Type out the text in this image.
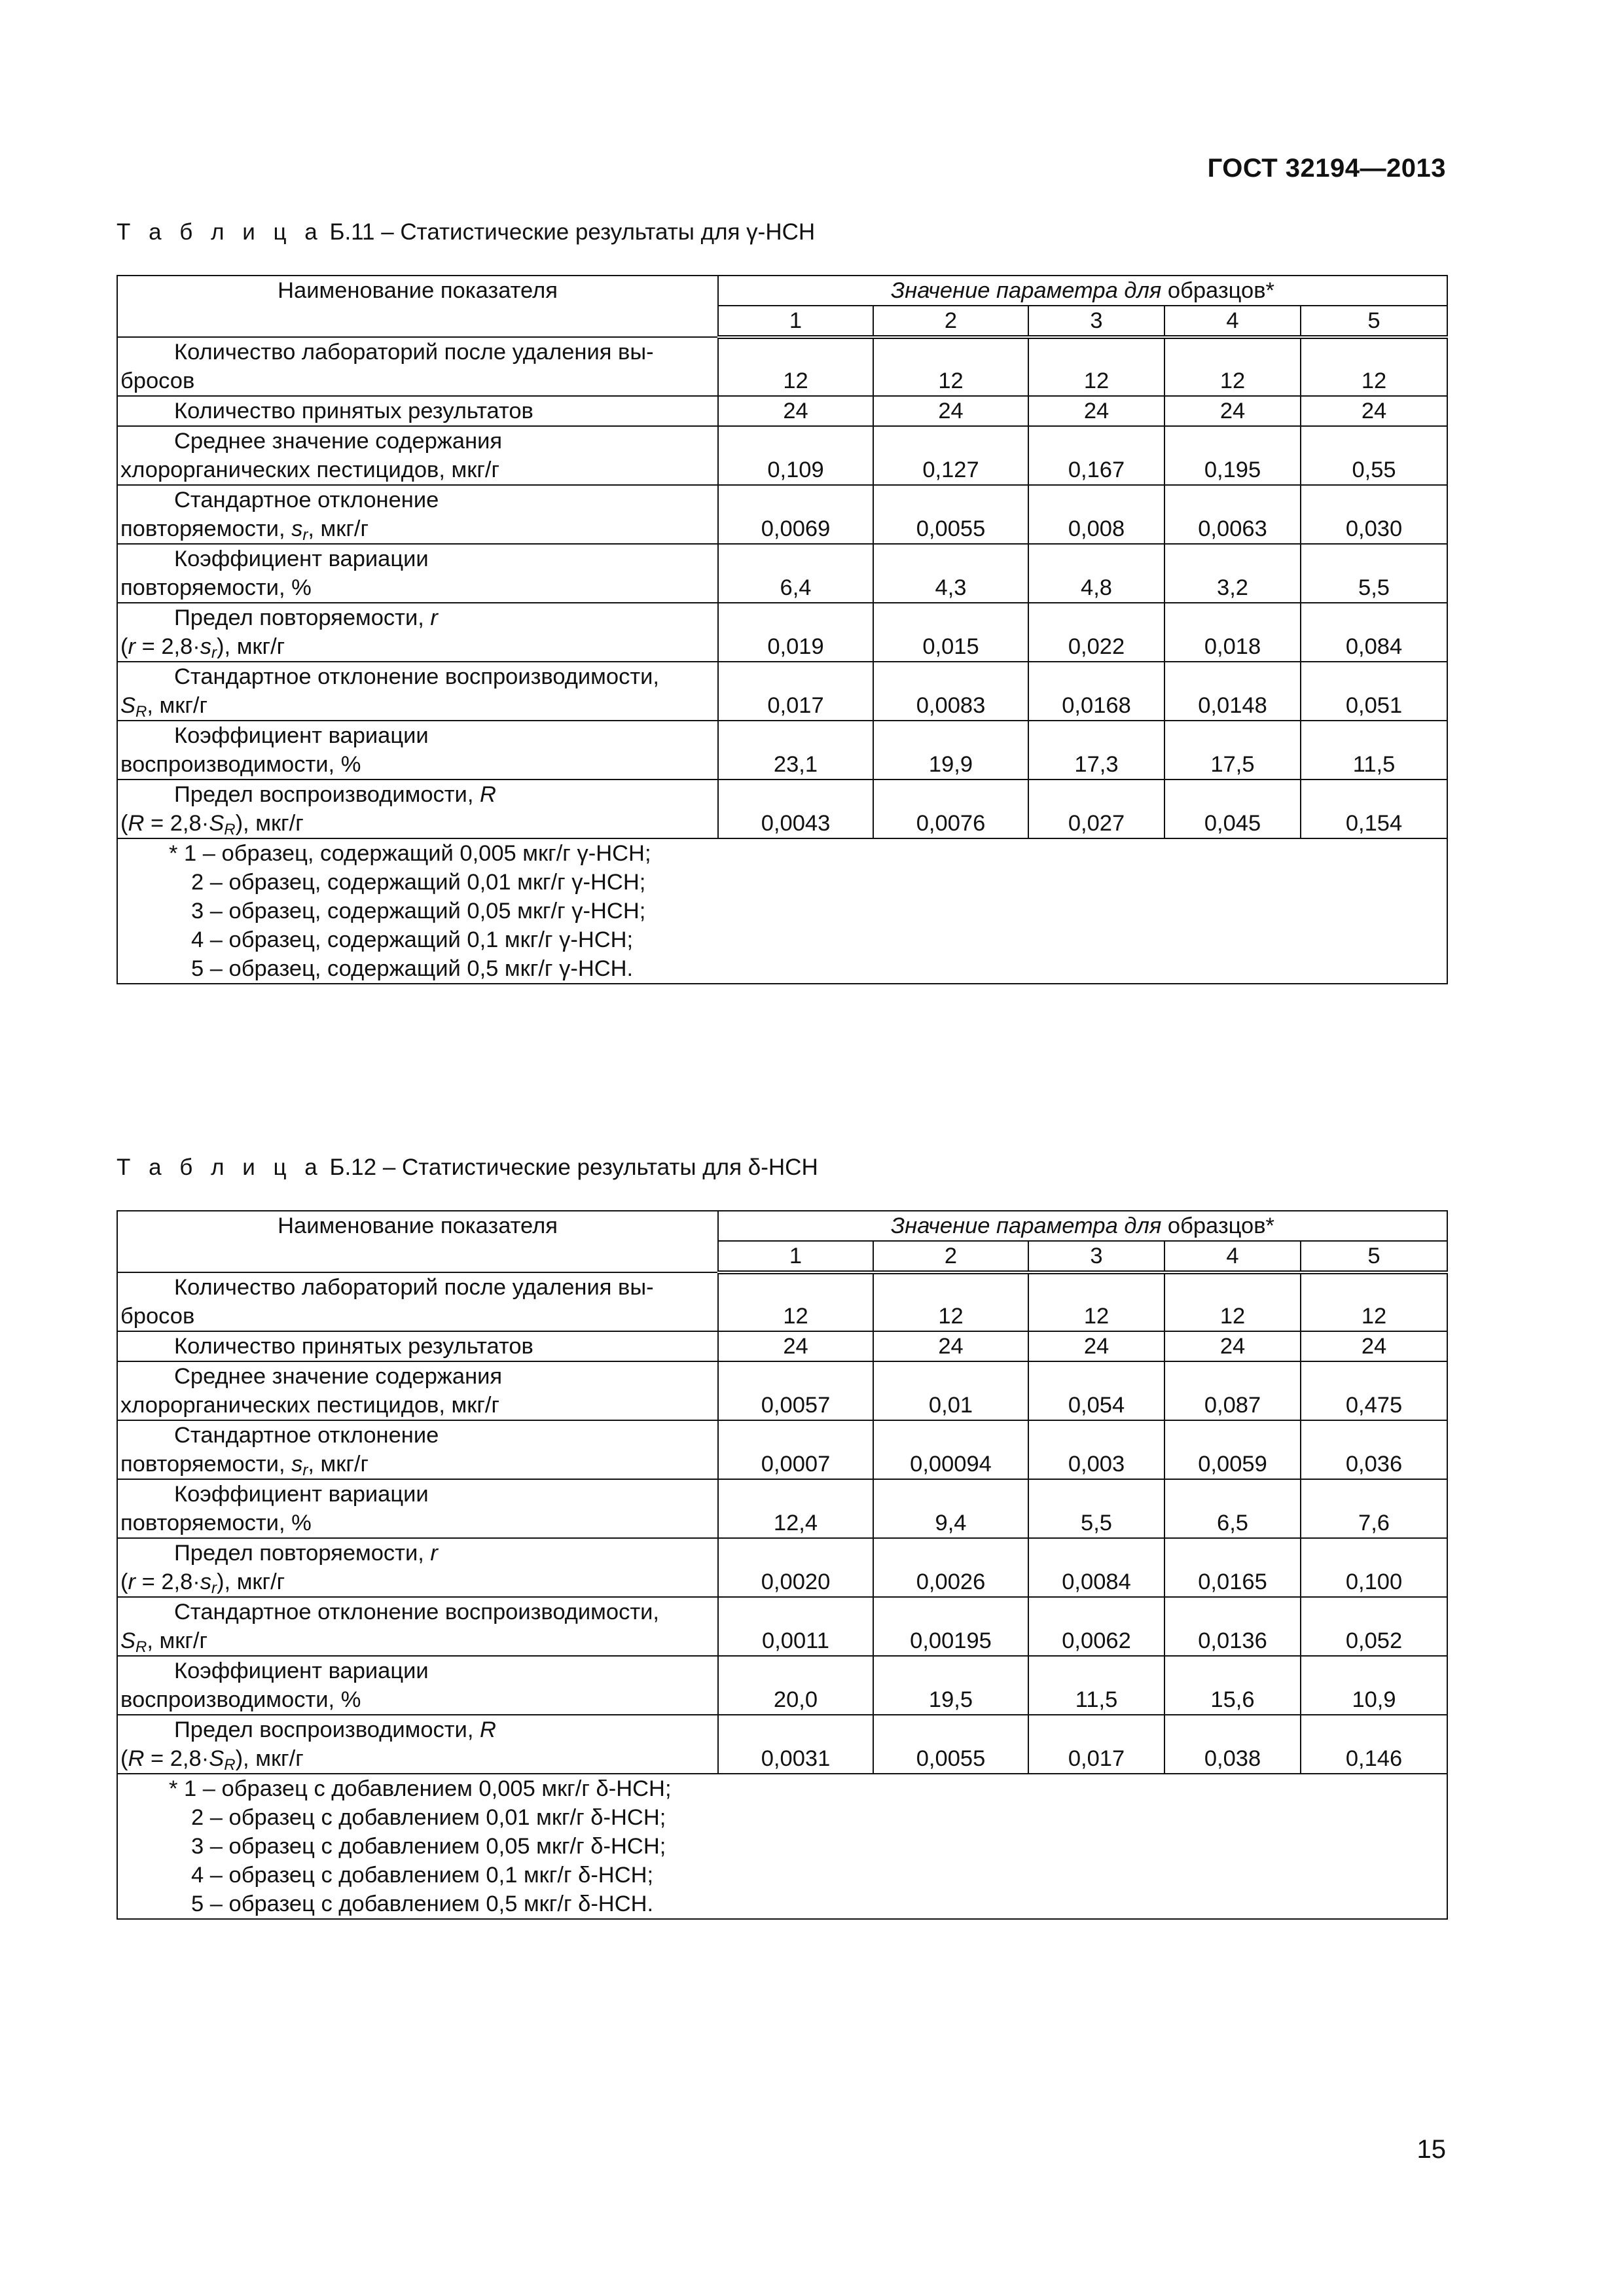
ГОСТ 32194—2013
Т а б л и ц а Б.11 – Статистические результаты для γ-НСН
Наименование показателя	Значение параметра для образцов*				
	1	2	3	4	5

Количество лабораторий после удаления вы-
бросов	12	12	12	12	12

Количество принятых результатов	24	24	24	24	24

Среднее значение содержания
хлорорганических пестицидов, мкг/г	0,109	0,127	0,167	0,195	0,55

Стандартное отклонение
повторяемости, $s_r$, мкг/г	0,0069	0,0055	0,008	0,0063	0,030

Коэффициент вариации
повторяемости, %	6,4	4,3	4,8	3,2	5,5

Предел повторяемости, r
$(r = 2,8\cdot s_r)$, мкг/г	0,019	0,015	0,022	0,018	0,084

Стандартное отклонение воспроизводимости,
$S_R$, мкг/г	0,017	0,0083	0,0168	0,0148	0,051

Коэффициент вариации
воспроизводимости, %	23,1	19,9	17,3	17,5	11,5

Предел воспроизводимости, R
$(R = 2,8\cdot S_R)$, мкг/г	0,0043	0,0076	0,027	0,045	0,154

* 1 – образец, содержащий 0,005 мкг/г γ-НСН;
2 – образец, содержащий 0,01 мкг/г γ-НСН;
3 – образец, содержащий 0,05 мкг/г γ-НСН;
4 – образец, содержащий 0,1 мкг/г γ-НСН;
5 – образец, содержащий 0,5 мкг/г γ-НСН.					
Т а б л и ц а Б.12 – Статистические результаты для δ-НСН
Наименование показателя	Значение параметра для образцов*				
	1	2	3	4	5

Количество лабораторий после удаления вы-
бросов	12	12	12	12	12

Количество принятых результатов	24	24	24	24	24

Среднее значение содержания
хлорорганических пестицидов, мкг/г	0,0057	0,01	0,054	0,087	0,475

Стандартное отклонение
повторяемости, $s_r$, мкг/г	0,0007	0,00094	0,003	0,0059	0,036

Коэффициент вариации
повторяемости, %	12,4	9,4	5,5	6,5	7,6

Предел повторяемости, r
$(r = 2,8\cdot s_r)$, мкг/г	0,0020	0,0026	0,0084	0,0165	0,100

Стандартное отклонение воспроизводимости,
$S_R$, мкг/г	0,0011	0,00195	0,0062	0,0136	0,052

Коэффициент вариации
воспроизводимости, %	20,0	19,5	11,5	15,6	10,9

Предел воспроизводимости, R
$(R = 2,8\cdot S_R)$, мкг/г	0,0031	0,0055	0,017	0,038	0,146

* 1 – образец с добавлением 0,005 мкг/г δ-НСН;
2 – образец с добавлением 0,01 мкг/г δ-НСН;
3 – образец с добавлением 0,05 мкг/г δ-НСН;
4 – образец с добавлением 0,1 мкг/г δ-НСН;
5 – образец с добавлением 0,5 мкг/г δ-НСН.					
15
